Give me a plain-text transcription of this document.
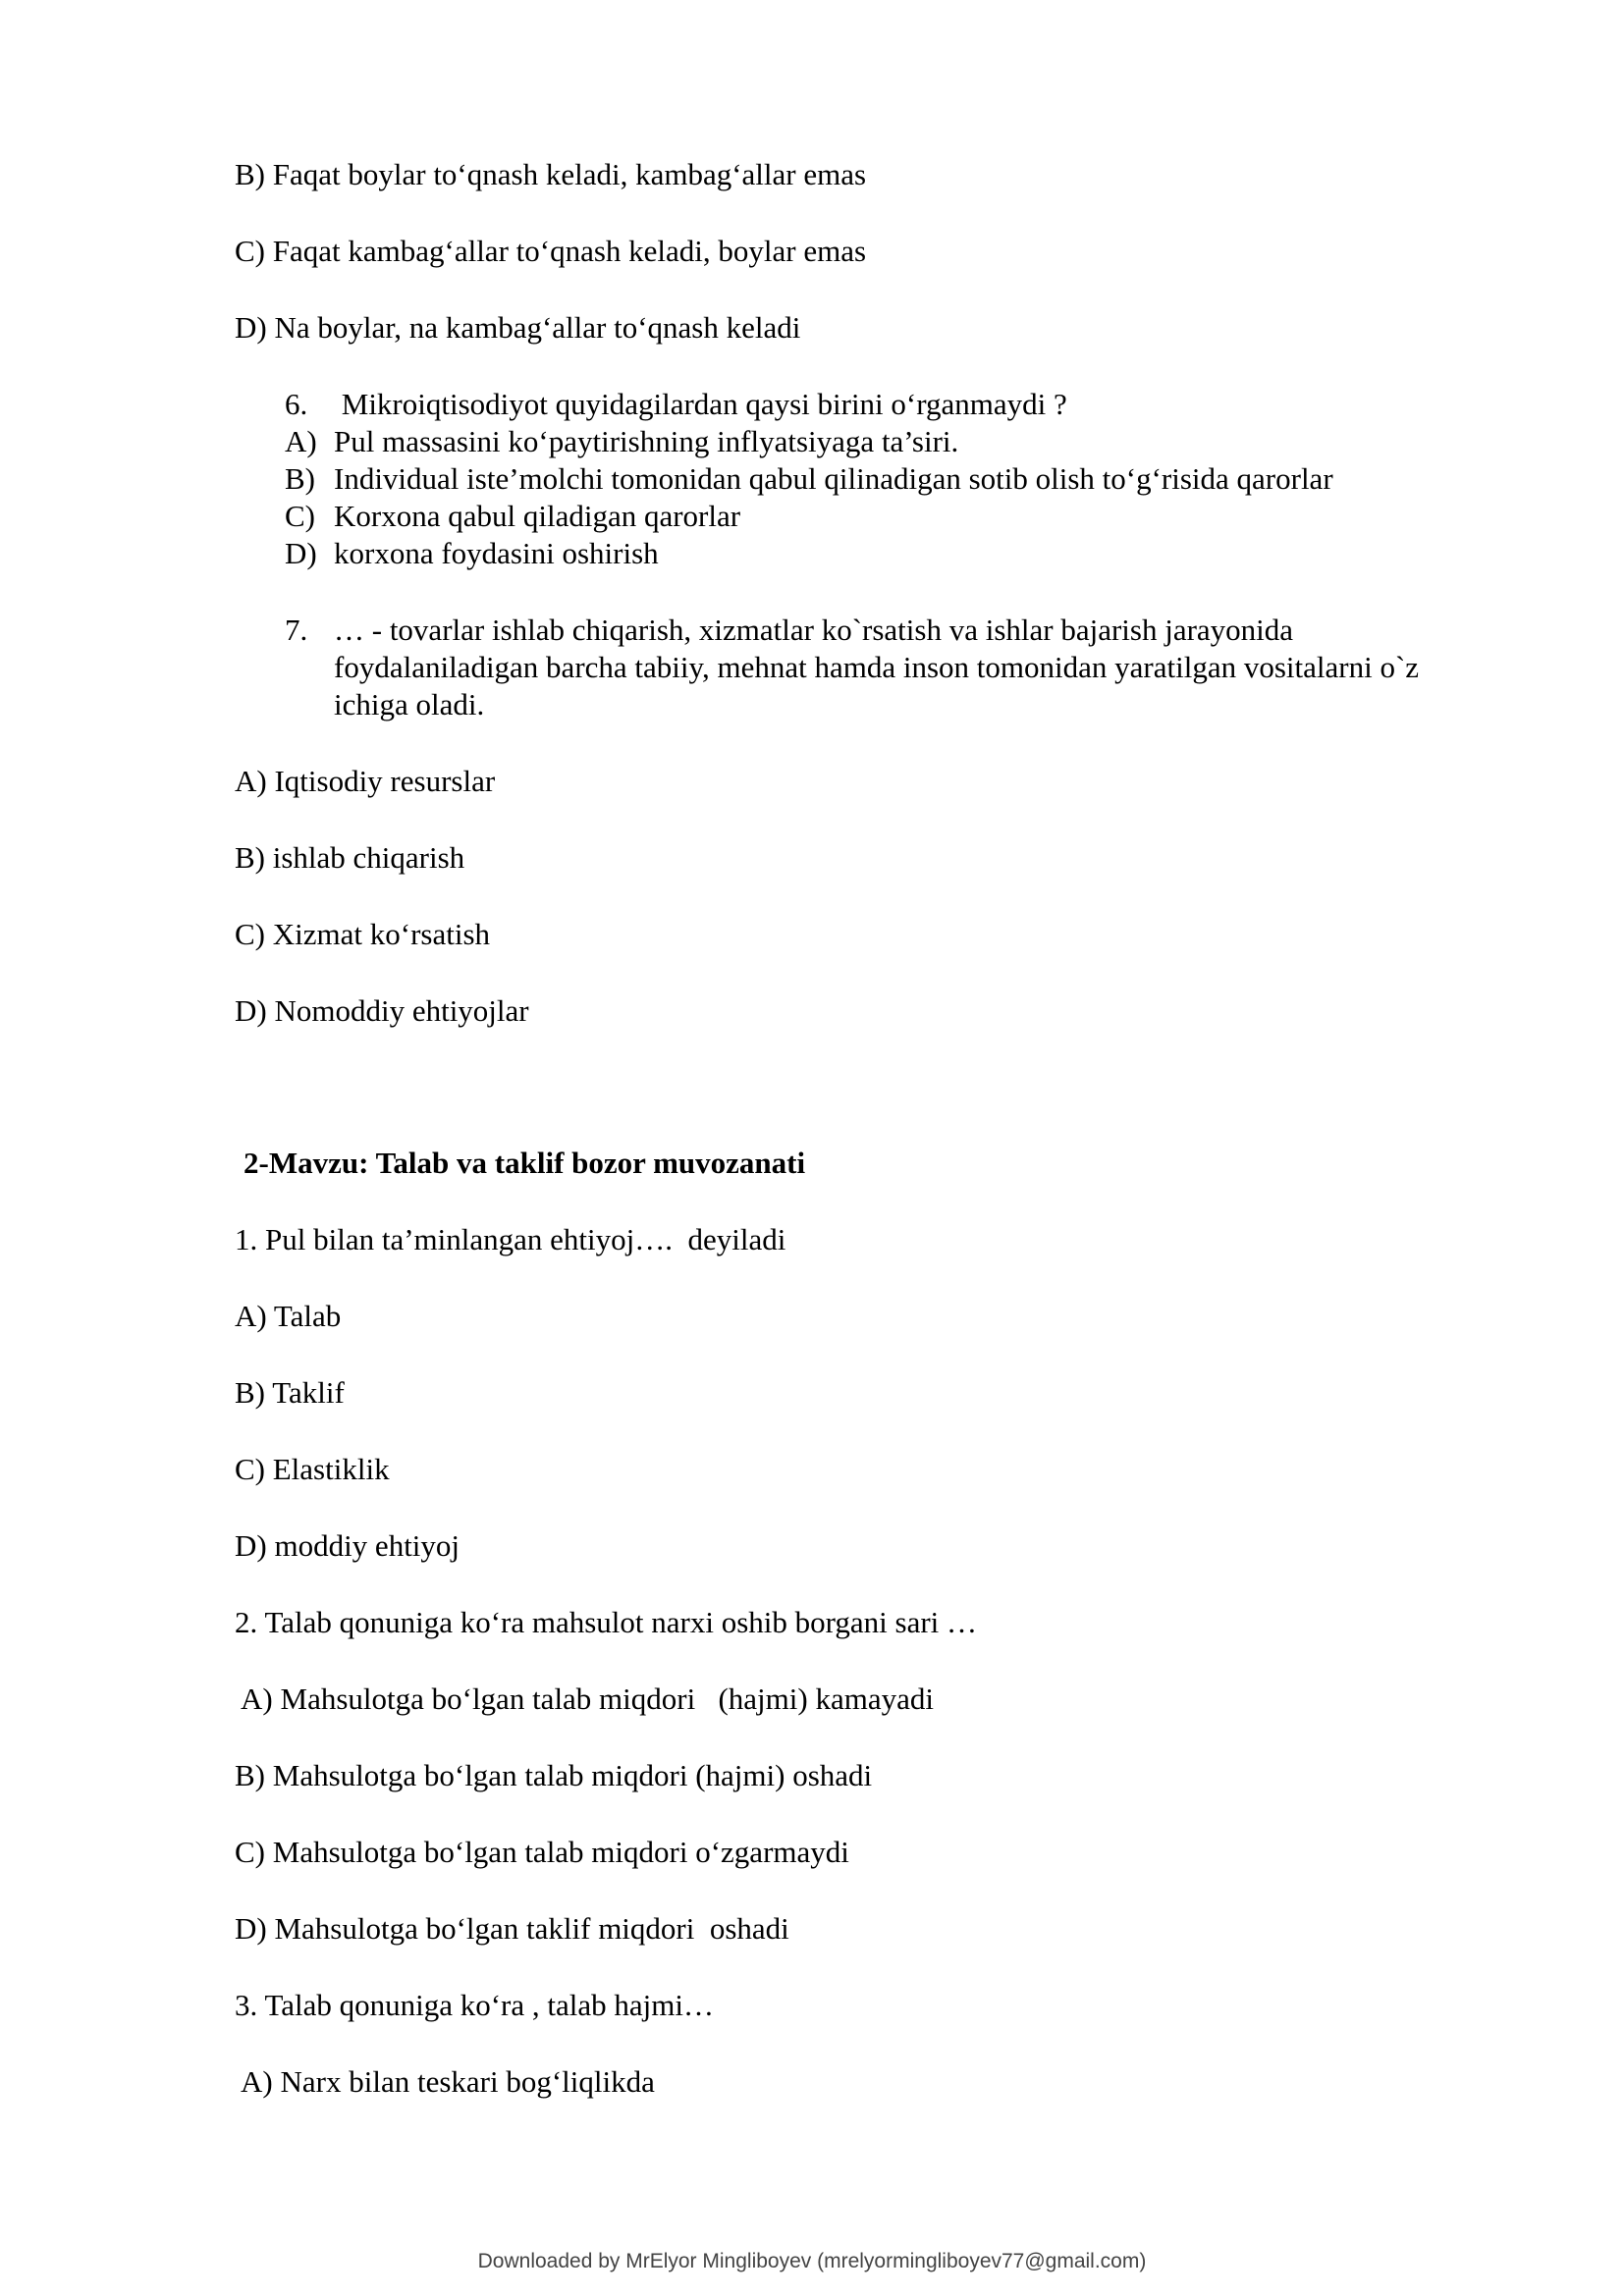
B) Faqat boylar to‘qnash keladi, kambag‘allar emas
C) Faqat kambag‘allar to‘qnash keladi, boylar emas
D) Na boylar, na kambag‘allar to‘qnash keladi
6. Mikroiqtisodiyot quyidagilardan qaysi birini o‘rganmaydi ?
A) Pul massasini ko‘paytirishning inflyatsiyaga ta’siri.
B) Individual iste’molchi tomonidan qabul qilinadigan sotib olish to‘g‘risida qarorlar
C) Korxona qabul qiladigan qarorlar
D) korxona foydasini oshirish
7. … - tovarlar ishlab chiqarish, xizmatlar ko`rsatish va ishlar bajarish jarayonida
foydalaniladigan barcha tabiiy, mehnat hamda inson tomonidan yaratilgan vositalarni o`z
ichiga oladi.
A) Iqtisodiy resurslar
B) ishlab chiqarish
C) Xizmat ko‘rsatish
D) Nomoddiy ehtiyojlar
2-Mavzu: Talab va taklif bozor muvozanati
1. Pul bilan ta’minlangan ehtiyoj….  deyiladi
A) Talab
B) Taklif
C) Elastiklik
D) moddiy ehtiyoj
2. Talab qonuniga ko‘ra mahsulot narxi oshib borgani sari …
A) Mahsulotga bo‘lgan talab miqdori   (hajmi) kamayadi
B) Mahsulotga bo‘lgan talab miqdori (hajmi) oshadi
C) Mahsulotga bo‘lgan talab miqdori o‘zgarmaydi
D) Mahsulotga bo‘lgan taklif miqdori  oshadi
3. Talab qonuniga ko‘ra , talab hajmi…
A) Narx bilan teskari bog‘liqlikda
Downloaded by MrElyor Mingliboyev (mrelyormingliboyev77@gmail.com)
